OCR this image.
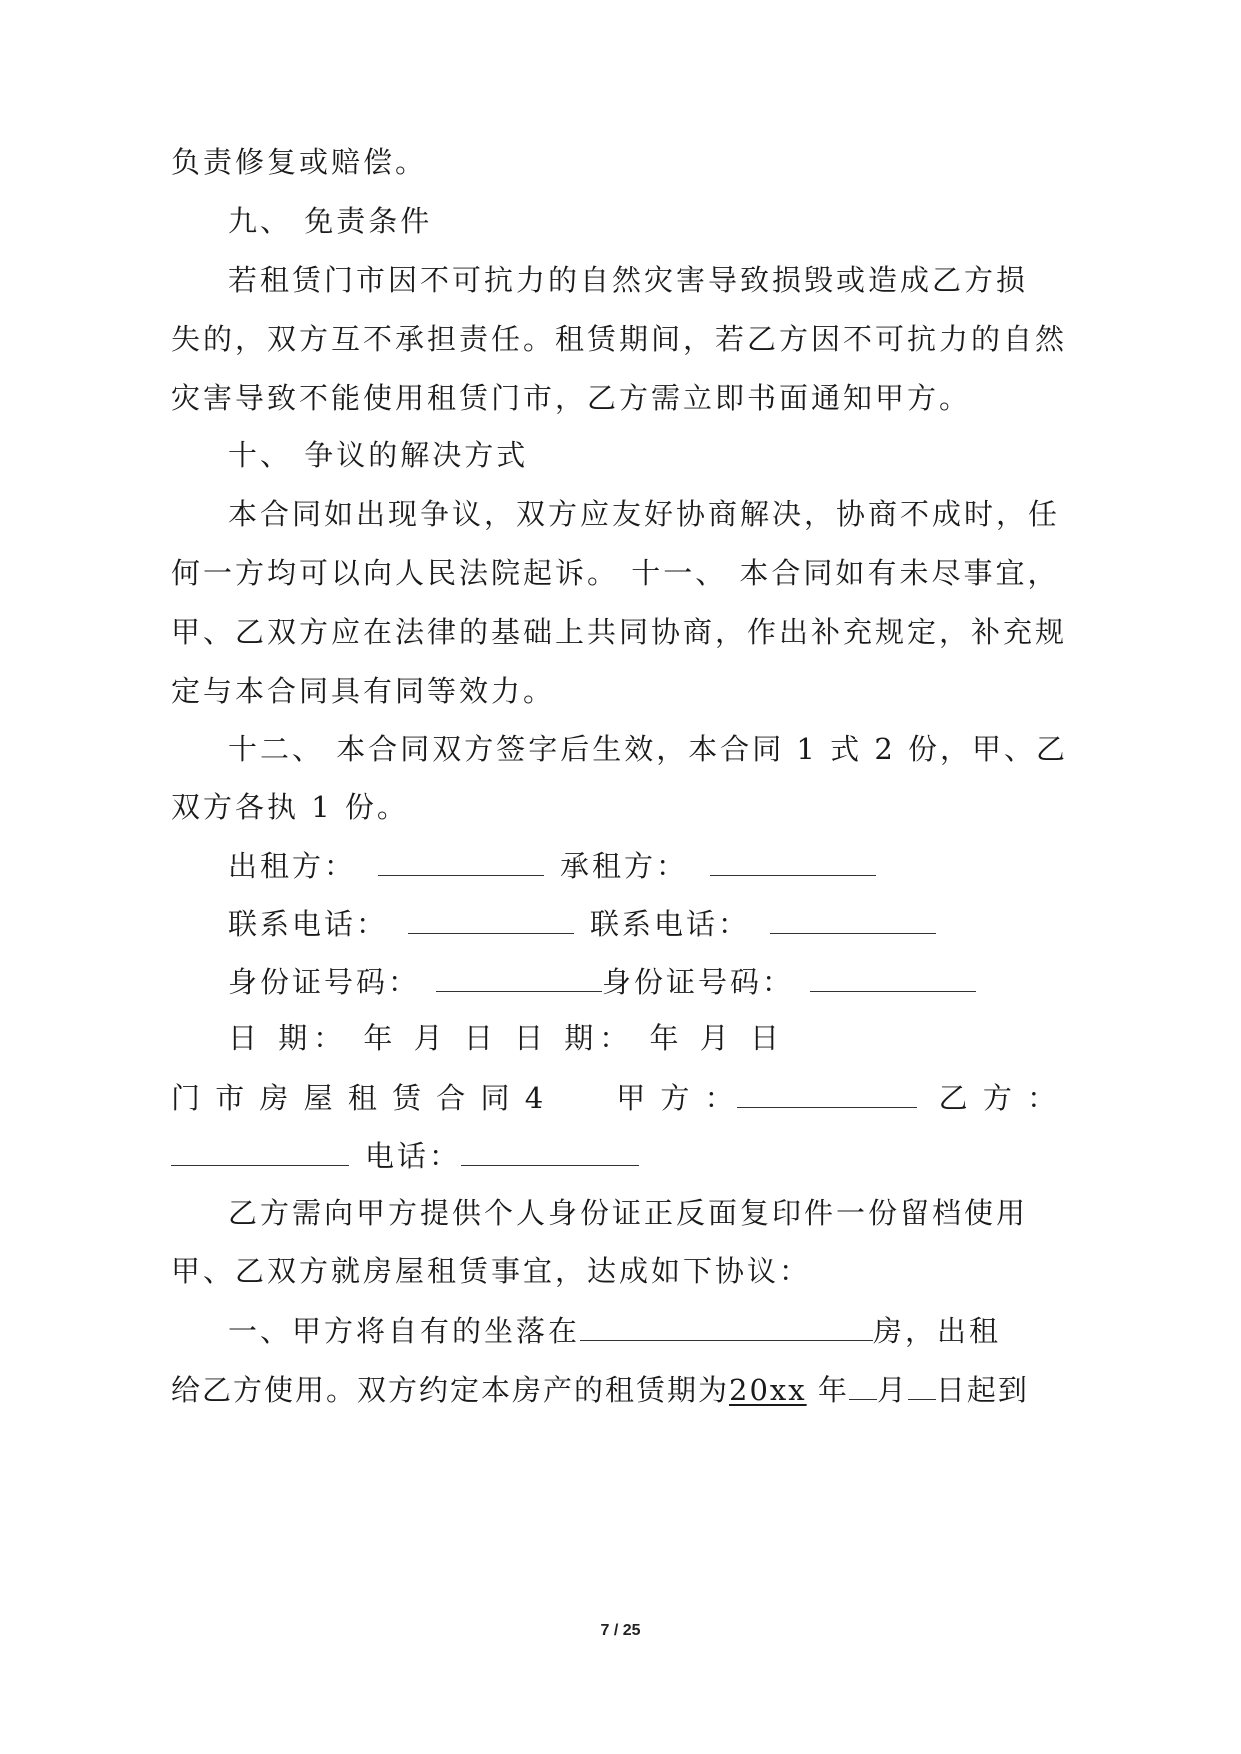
负责修复或赔偿。
九、 免责条件
若租赁门市因不可抗力的自然灾害导致损毁或造成乙方损
失的，双方互不承担责任。租赁期间，若乙方因不可抗力的自然
灾害导致不能使用租赁门市，乙方需立即书面通知甲方。
十、 争议的解决方式
本合同如出现争议，双方应友好协商解决，协商不成时，任
何一方均可以向人民法院起诉。 十一、 本合同如有未尽事宜，
甲、乙双方应在法律的基础上共同协商，作出补充规定，补充规
定与本合同具有同等效力。
十二、 本合同双方签字后生效，本合同 1 式 2 份，甲、乙
双方各执 1 份。
出租方：	承租方：
联系电话：	联系电话：
身份证号码：	身份证号码：
日 期： 年 月 日 日 期： 年 月 日
门 市 房 屋 租 赁 合 同 4 甲 方 ：	乙 方 ：
电话：
乙方需向甲方提供个人身份证正反面复印件一份留档使用
甲、乙双方就房屋租赁事宜，达成如下协议：
一、甲方将自有的坐落在	房，出租
给乙方使用。双方约定本房产的租赁期为20xx 年 月 日起到
7 / 25
